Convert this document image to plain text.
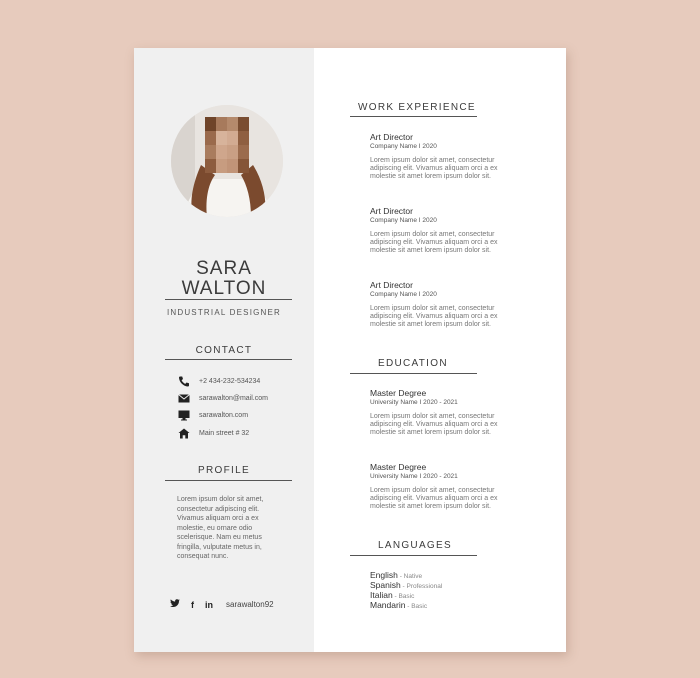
SARA
WALTON
INDUSTRIAL DESIGNER
CONTACT
+2 434-232-534234
sarawalton@mail.com
sarawalton.com
Main street # 32
PROFILE
Lorem ipsum dolor sit amet, consectetur adipiscing elit. Vivamus aliquam orci a ex molestie, eu ornare odio scelerisque. Nam eu metus fringilla, vulputate metus in, consequat nunc.
f in sarawalton92
WORK EXPERIENCE
Art Director
Company Name I 2020
Lorem ipsum dolor sit amet, consectetur adipiscing elit. Vivamus aliquam orci a ex molestie sit amet lorem ipsum dolor sit.
Art Director
Company Name I 2020
Lorem ipsum dolor sit amet, consectetur adipiscing elit. Vivamus aliquam orci a ex molestie sit amet lorem ipsum dolor sit.
Art Director
Company Name I 2020
Lorem ipsum dolor sit amet, consectetur adipiscing elit. Vivamus aliquam orci a ex molestie sit amet lorem ipsum dolor sit.
EDUCATION
Master Degree
University Name I 2020 - 2021
Lorem ipsum dolor sit amet, consectetur adipiscing elit. Vivamus aliquam orci a ex molestie sit amet lorem ipsum dolor sit.
Master Degree
University Name I 2020 - 2021
Lorem ipsum dolor sit amet, consectetur adipiscing elit. Vivamus aliquam orci a ex molestie sit amet lorem ipsum dolor sit.
LANGUAGES
English - Native
Spanish - Professional
Italian - Basic
Mandarin - Basic
